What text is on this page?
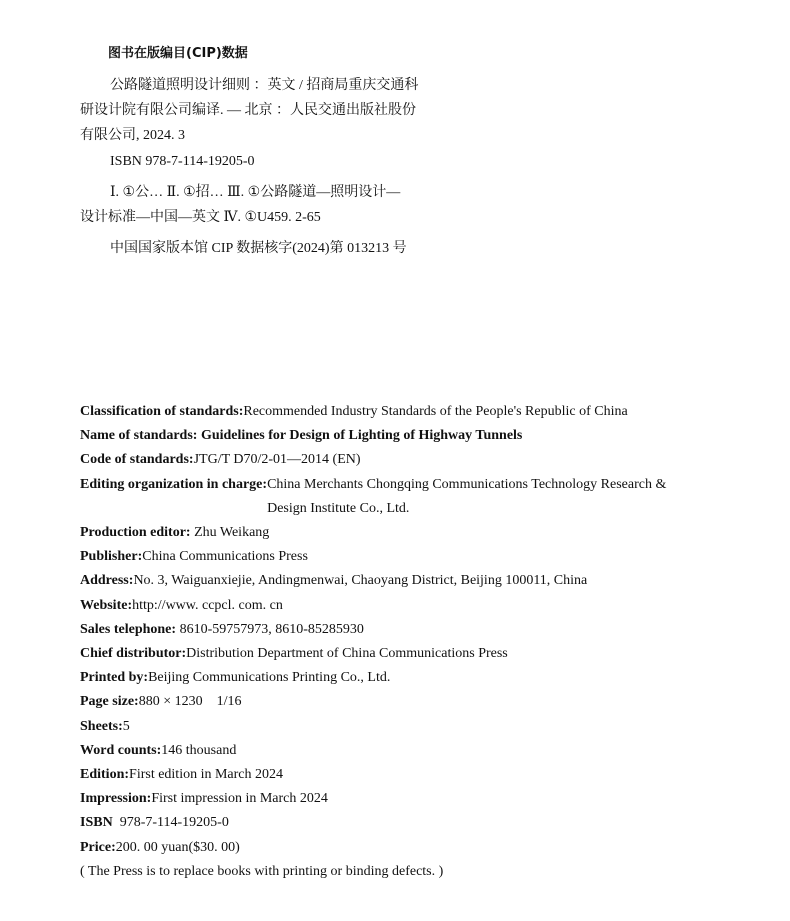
图书在版编目(CIP)数据
公路隧道照明设计细则 ：英文 / 招商局重庆交通科
研设计院有限公司编译. — 北京 ：人民交通出版社股份
有限公司, 2024. 3
ISBN 978-7-114-19205-0
Ⅰ. ①公… Ⅱ. ①招… Ⅲ. ①公路隧道—照明设计—
设计标准—中国—英文 Ⅳ. ①U459. 2-65
中国国家版本馆 CIP 数据核字(2024)第 013213 号
Classification of standards: Recommended Industry Standards of the People's Republic of China
Name of standards: Guidelines for Design of Lighting of Highway Tunnels
Code of standards: JTG/T D70/2-01—2014 (EN)
Editing organization in charge: China Merchants Chongqing Communications Technology Research &
Design Institute Co., Ltd.
Production editor: Zhu Weikang
Publisher: China Communications Press
Address: No. 3, Waiguanxiejie, Andingmenwai, Chaoyang District, Beijing 100011, China
Website: http://www. ccpcl. com. cn
Sales telephone: 8610-59757973, 8610-85285930
Chief distributor: Distribution Department of China Communications Press
Printed by: Beijing Communications Printing Co., Ltd.
Page size: 880 × 1230    1/16
Sheets: 5
Word counts: 146 thousand
Edition: First edition in March 2024
Impression: First impression in March 2024
ISBN 978-7-114-19205-0
Price: 200. 00 yuan($30. 00)
( The Press is to replace books with printing or binding defects. )
